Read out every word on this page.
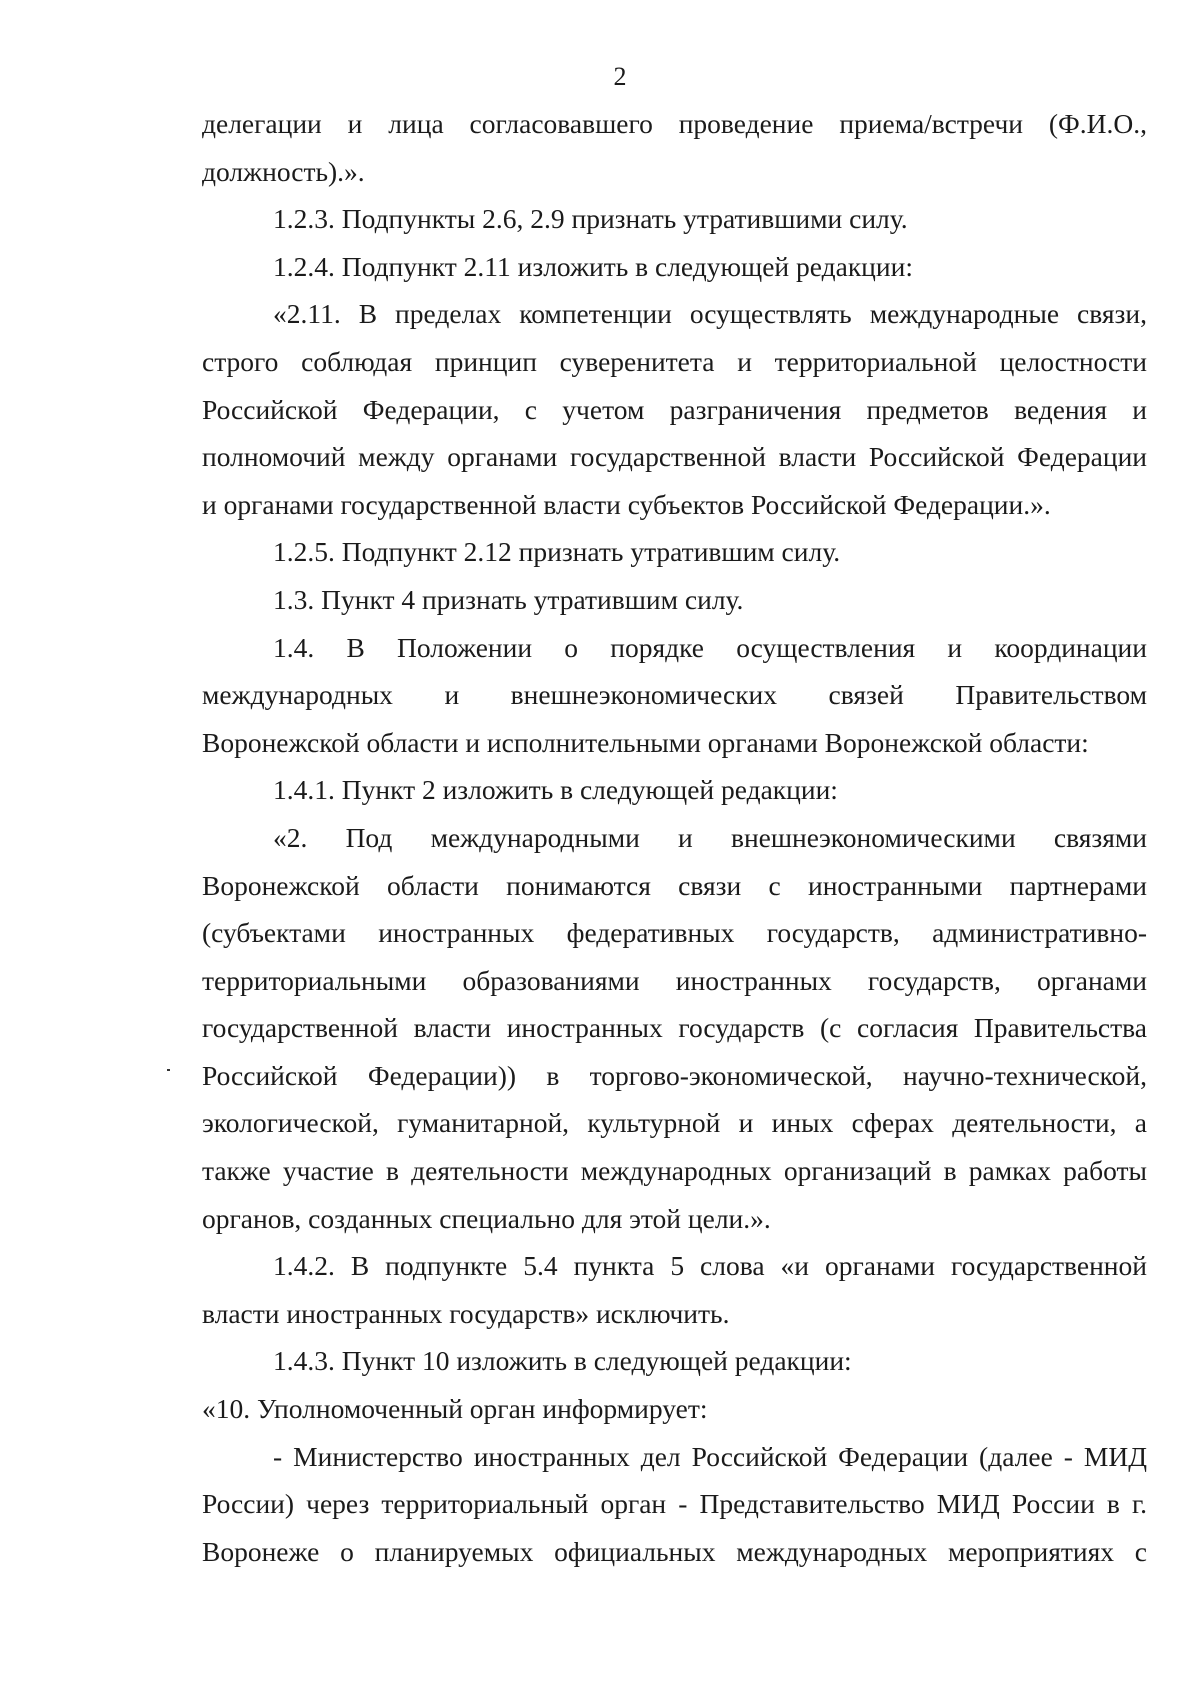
2
делегации и лица согласовавшего проведение приема/встречи (Ф.И.О.,
должность).».
1.2.3. Подпункты 2.6, 2.9 признать утратившими силу.
1.2.4. Подпункт 2.11 изложить в следующей редакции:
«2.11. В пределах компетенции осуществлять международные связи,
строго соблюдая принцип суверенитета и территориальной целостности
Российской Федерации, с учетом разграничения предметов ведения и
полномочий между органами государственной власти Российской Федерации
и органами государственной власти субъектов Российской Федерации.».
1.2.5. Подпункт 2.12 признать утратившим силу.
1.3. Пункт 4 признать утратившим силу.
1.4. В Положении о порядке осуществления и координации
международных и внешнеэкономических связей Правительством
Воронежской области и исполнительными органами Воронежской области:
1.4.1. Пункт 2 изложить в следующей редакции:
«2. Под международными и внешнеэкономическими связями
Воронежской области понимаются связи с иностранными партнерами
(субъектами иностранных федеративных государств, административно-
территориальными образованиями иностранных государств, органами
государственной власти иностранных государств (с согласия Правительства
Российской Федерации)) в торгово-экономической, научно-технической,
экологической, гуманитарной, культурной и иных сферах деятельности, а
также участие в деятельности международных организаций в рамках работы
органов, созданных специально для этой цели.».
1.4.2. В подпункте 5.4 пункта 5 слова «и органами государственной
власти иностранных государств» исключить.
1.4.3. Пункт 10 изложить в следующей редакции:
«10. Уполномоченный орган информирует:
- Министерство иностранных дел Российской Федерации (далее - МИД
России) через территориальный орган - Представительство МИД России в г.
Воронеже о планируемых официальных международных мероприятиях с
